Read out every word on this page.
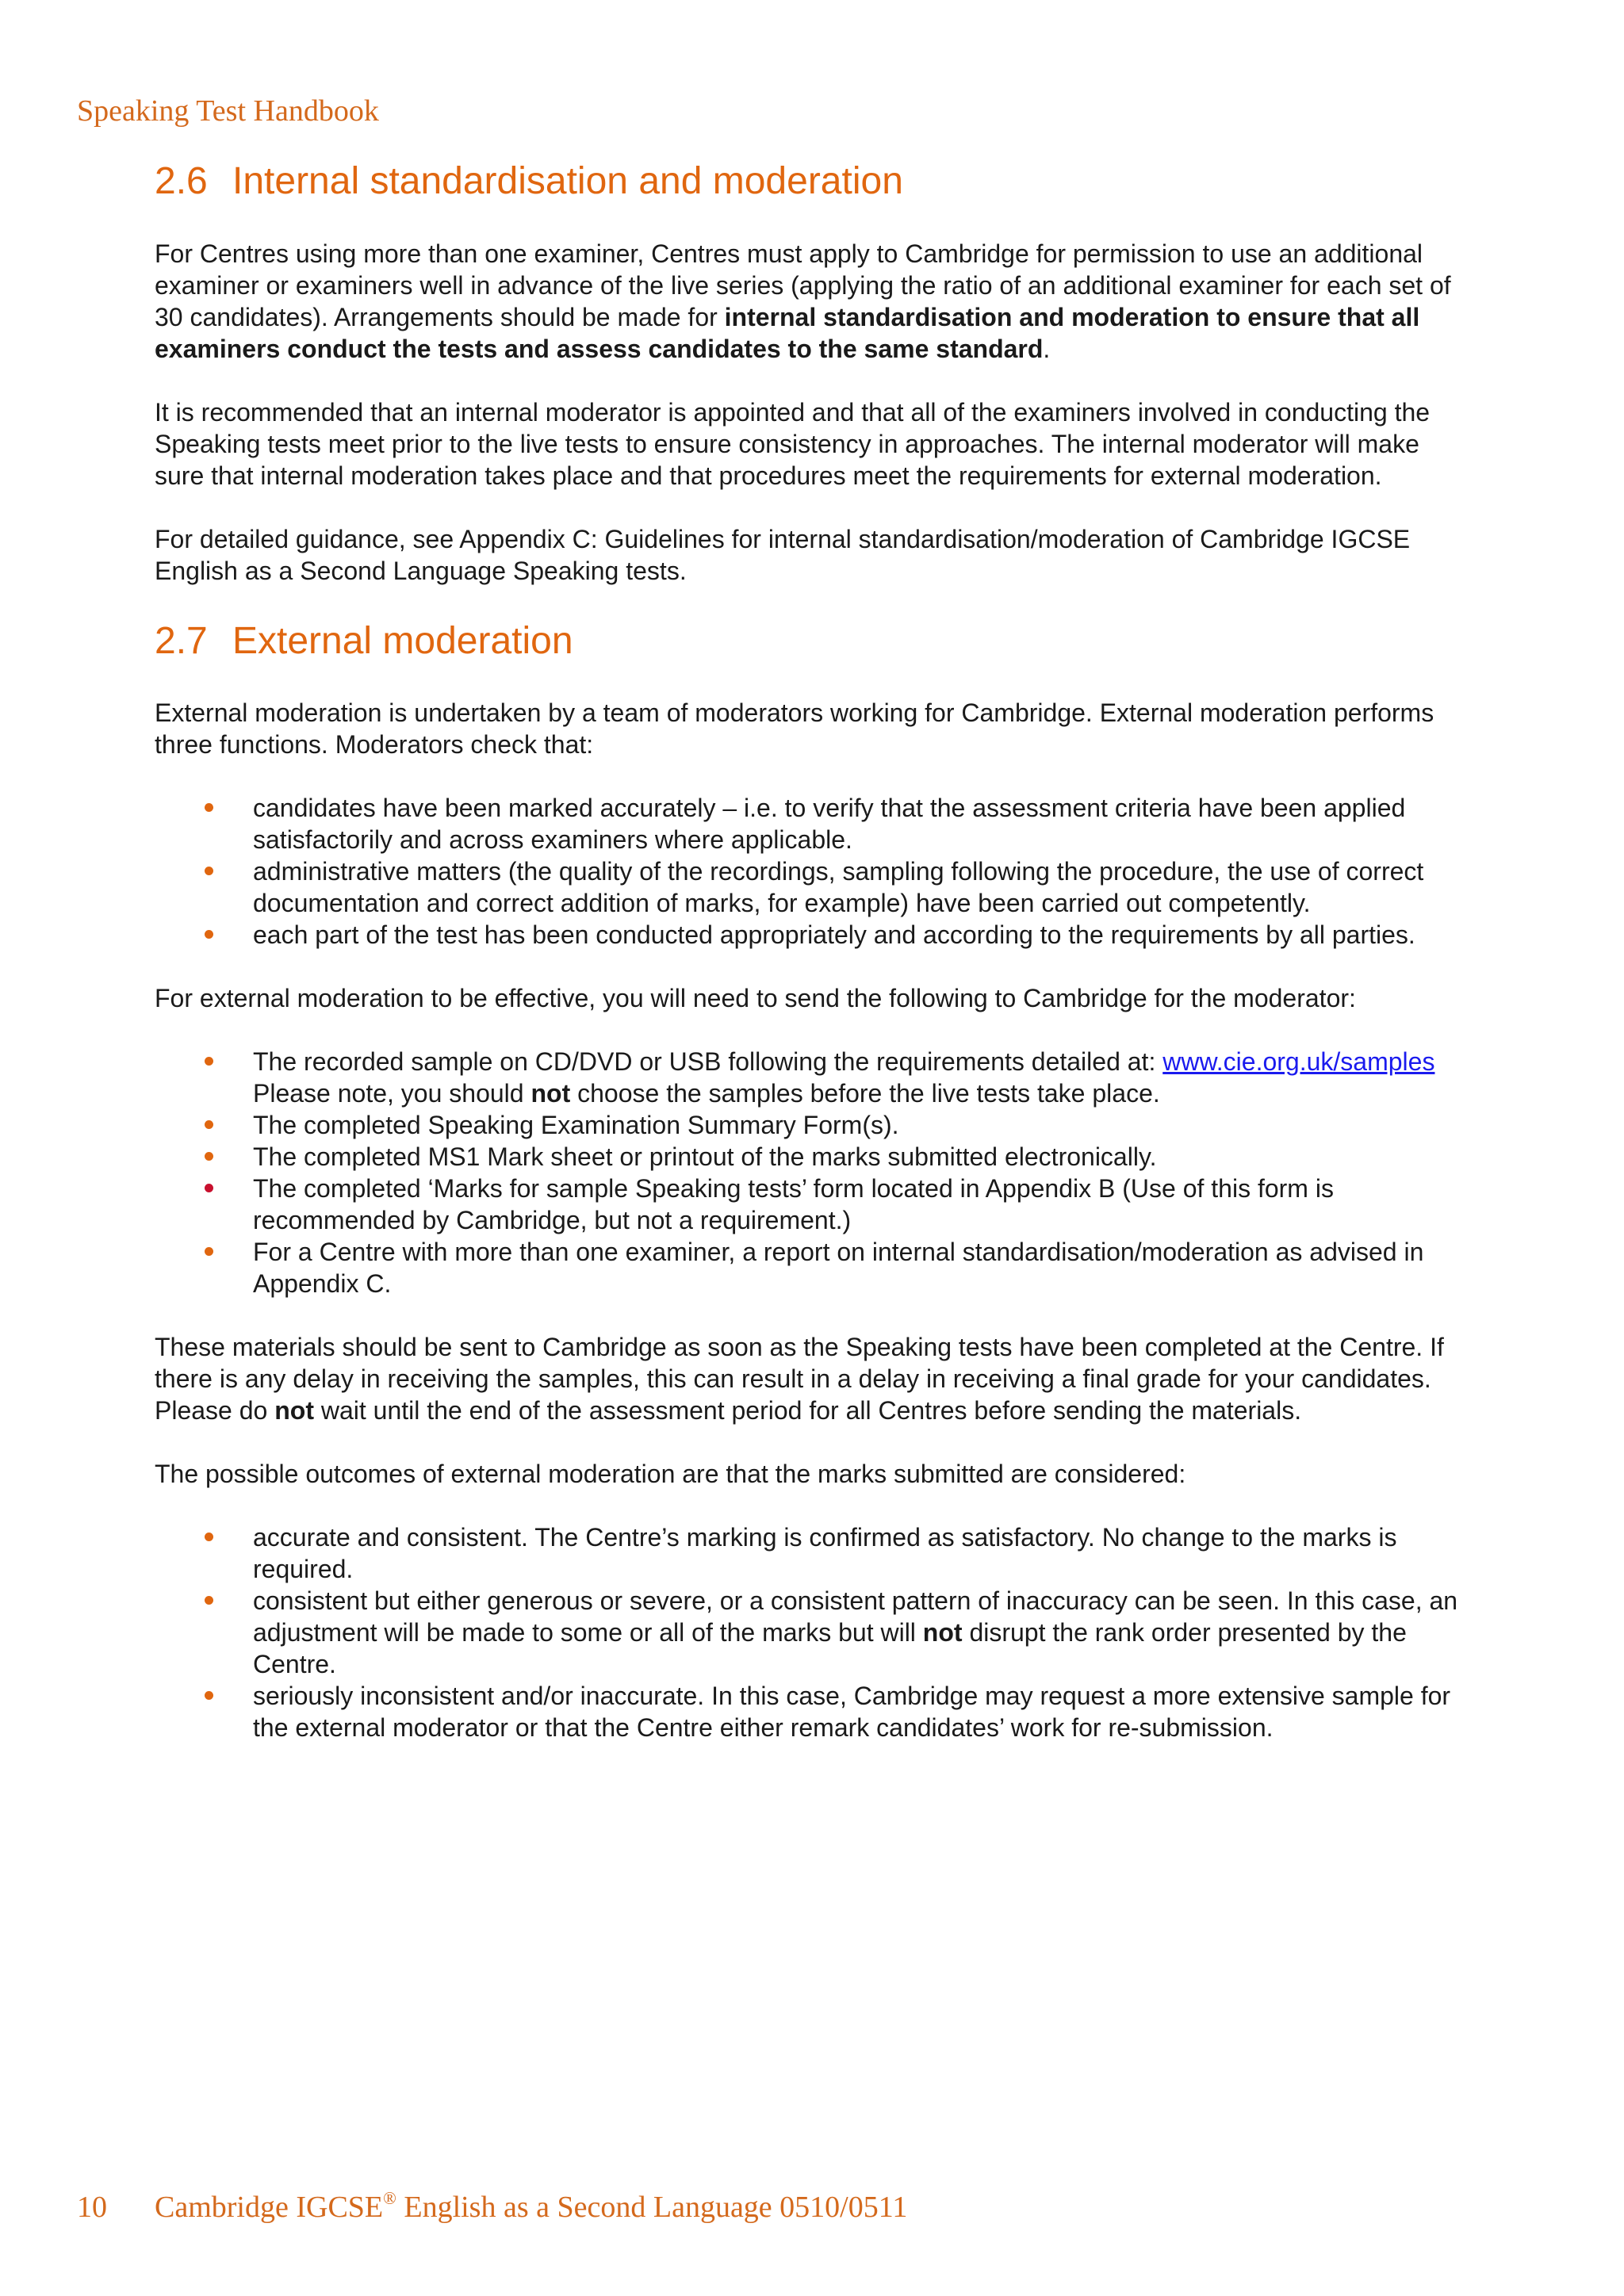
Speaking Test Handbook
2.6 Internal standardisation and moderation

For Centres using more than one examiner, Centres must apply to Cambridge for permission to use an additional examiner or examiners well in advance of the live series (applying the ratio of an additional examiner for each set of 30 candidates). Arrangements should be made for internal standardisation and moderation to ensure that all examiners conduct the tests and assess candidates to the same standard.

It is recommended that an internal moderator is appointed and that all of the examiners involved in conducting the Speaking tests meet prior to the live tests to ensure consistency in approaches. The internal moderator will make sure that internal moderation takes place and that procedures meet the requirements for external moderation.

For detailed guidance, see Appendix C: Guidelines for internal standardisation/moderation of Cambridge IGCSE English as a Second Language Speaking tests.

2.7 External moderation

External moderation is undertaken by a team of moderators working for Cambridge. External moderation performs three functions. Moderators check that:

candidates have been marked accurately – i.e. to verify that the assessment criteria have been applied satisfactorily and across examiners where applicable.
administrative matters (the quality of the recordings, sampling following the procedure, the use of correct documentation and correct addition of marks, for example) have been carried out competently.
each part of the test has been conducted appropriately and according to the requirements by all parties.

For external moderation to be effective, you will need to send the following to Cambridge for the moderator:

The recorded sample on CD/DVD or USB following the requirements detailed at: www.cie.org.uk/samples Please note, you should not choose the samples before the live tests take place.
The completed Speaking Examination Summary Form(s).
The completed MS1 Mark sheet or printout of the marks submitted electronically.
The completed ‘Marks for sample Speaking tests’ form located in Appendix B (Use of this form is recommended by Cambridge, but not a requirement.)
For a Centre with more than one examiner, a report on internal standardisation/moderation as advised in Appendix C.

These materials should be sent to Cambridge as soon as the Speaking tests have been completed at the Centre. If there is any delay in receiving the samples, this can result in a delay in receiving a final grade for your candidates. Please do not wait until the end of the assessment period for all Centres before sending the materials.

The possible outcomes of external moderation are that the marks submitted are considered:

accurate and consistent. The Centre’s marking is confirmed as satisfactory. No change to the marks is required.
consistent but either generous or severe, or a consistent pattern of inaccuracy can be seen. In this case, an adjustment will be made to some or all of the marks but will not disrupt the rank order presented by the Centre.
seriously inconsistent and/or inaccurate. In this case, Cambridge may request a more extensive sample for the external moderator or that the Centre either remark candidates’ work for re-submission.
10 Cambridge IGCSE® English as a Second Language 0510/0511
